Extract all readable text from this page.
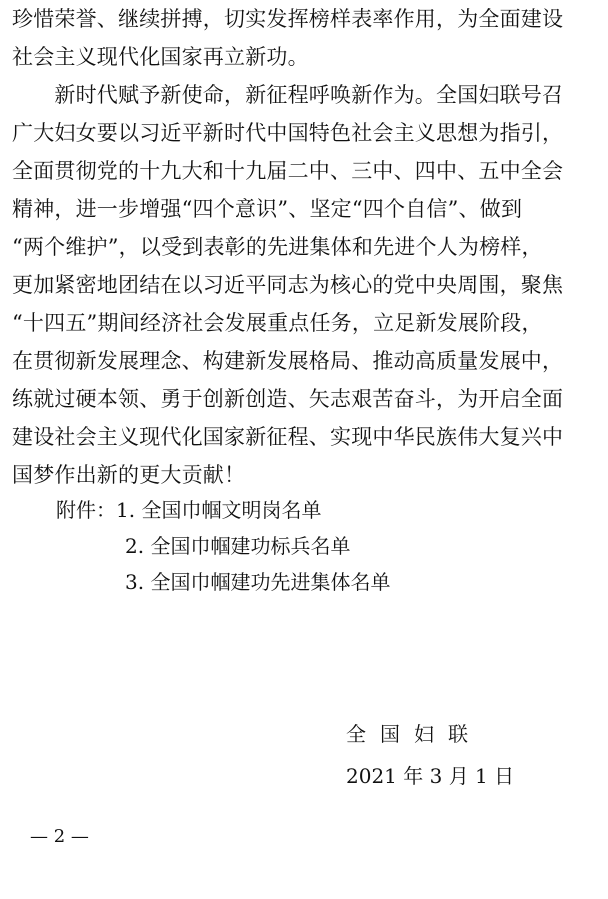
珍惜荣誉、继续拼搏，切实发挥榜样表率作用，为全面建设
社会主义现代化国家再立新功。
　　新时代赋予新使命，新征程呼唤新作为。全国妇联号召
广大妇女要以习近平新时代中国特色社会主义思想为指引，
全面贯彻党的十九大和十九届二中、三中、四中、五中全会
精神，进一步增强“四个意识”、坚定“四个自信”、做到
“两个维护”，以受到表彰的先进集体和先进个人为榜样，
更加紧密地团结在以习近平同志为核心的党中央周围，聚焦
“十四五”期间经济社会发展重点任务，立足新发展阶段，
在贯彻新发展理念、构建新发展格局、推动高质量发展中，
练就过硬本领、勇于创新创造、矢志艰苦奋斗，为开启全面
建设社会主义现代化国家新征程、实现中华民族伟大复兴中
国梦作出新的更大贡献！
附件：1. 全国巾帼文明岗名单
2. 全国巾帼建功标兵名单
3. 全国巾帼建功先进集体名单
全国妇联
2021 年 3 月 1 日
— 2 —
